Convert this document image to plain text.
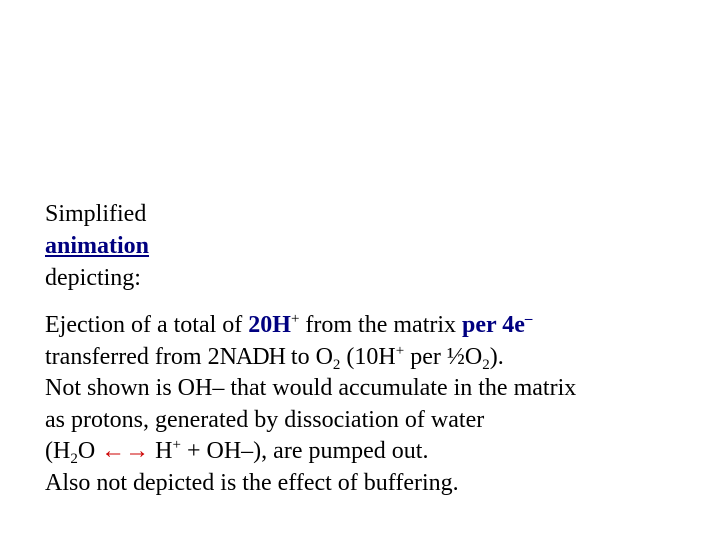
Simplified
animation
depicting:
Ejection of a total of 20H+ from the matrix per 4e–
transferred from 2NADH to $O_2$ (10H+ per $\frac{1}{2}O_2$).
Not shown is OH– that would accumulate in the matrix
as protons, generated by dissociation of water
($H_2O$ ←→ H+ + OH–), are pumped out.
Also not depicted is the effect of buffering.
